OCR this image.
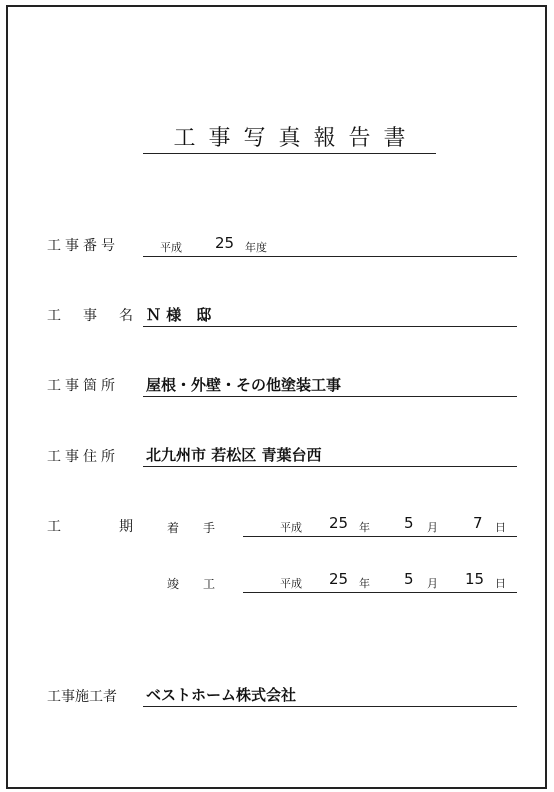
工事写真報告書
工事番号	平成 25 年度
工　事　名 Ｎ 様　邸
工事箇所 屋根・外壁・その他塗装工事
工事住所 北九州市 若松区 青葉台西
工　　　期	着　　手	平成 25 年 5 月 7 日
竣　　工	平成 25 年 5 月 15 日
工事施工者 ベストホーム株式会社
